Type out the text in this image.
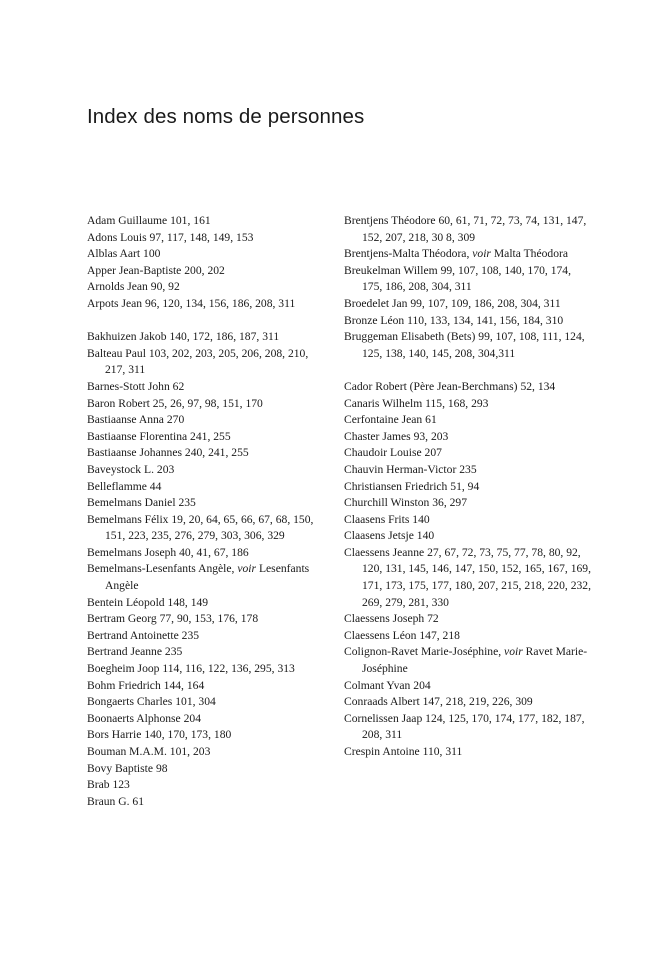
Index des noms de personnes

Adam Guillaume 101, 161

Adons Louis 97, 117, 148, 149, 153

Alblas Aart 100

Apper Jean-Baptiste 200, 202

Arnolds Jean 90, 92

Arpots Jean 96, 120, 134, 156, 186, 208, 311

Bakhuizen Jakob 140, 172, 186, 187, 311

Balteau Paul 103, 202, 203, 205, 206, 208, 210, 217, 311

Barnes-Stott John 62

Baron Robert 25, 26, 97, 98, 151, 170

Bastiaanse Anna 270

Bastiaanse Florentina 241, 255

Bastiaanse Johannes 240, 241, 255

Baveystock L. 203

Belleflamme 44

Bemelmans Daniel 235

Bemelmans Félix 19, 20, 64, 65, 66, 67, 68, 150, 151, 223, 235, 276, 279, 303, 306, 329

Bemelmans Joseph 40, 41, 67, 186

Bemelmans-Lesenfants Angèle, voir Lesenfants Angèle

Bentein Léopold 148, 149

Bertram Georg 77, 90, 153, 176, 178

Bertrand Antoinette 235

Bertrand Jeanne 235

Boegheim Joop 114, 116, 122, 136, 295, 313

Bohm Friedrich 144, 164

Bongaerts Charles 101, 304

Boonaerts Alphonse 204

Bors Harrie 140, 170, 173, 180

Bouman M.A.M. 101, 203

Bovy Baptiste 98

Brab 123

Braun G. 61

Brentjens Théodore 60, 61, 71, 72, 73, 74, 131, 147, 152, 207, 218, 30 8, 309

Brentjens-Malta Théodora, voir Malta Théodora

Breukelman Willem 99, 107, 108, 140, 170, 174, 175, 186, 208, 304, 311

Broedelet Jan 99, 107, 109, 186, 208, 304, 311

Bronze Léon 110, 133, 134, 141, 156, 184, 310

Bruggeman Elisabeth (Bets) 99, 107, 108, 111, 124, 125, 138, 140, 145, 208, 304,311

Cador Robert (Père Jean-Berchmans) 52, 134

Canaris Wilhelm 115, 168, 293

Cerfontaine Jean 61

Chaster James 93, 203

Chaudoir Louise 207

Chauvin Herman-Victor 235

Christiansen Friedrich 51, 94

Churchill Winston 36, 297

Claasens Frits 140

Claasens Jetsje 140

Claessens Jeanne 27, 67, 72, 73, 75, 77, 78, 80, 92, 120, 131, 145, 146, 147, 150, 152, 165, 167, 169, 171, 173, 175, 177, 180, 207, 215, 218, 220, 232, 269, 279, 281, 330

Claessens Joseph 72

Claessens Léon 147, 218

Colignon-Ravet Marie-Joséphine, voir Ravet Marie-Joséphine

Colmant Yvan 204

Conraads Albert 147, 218, 219, 226, 309

Cornelissen Jaap 124, 125, 170, 174, 177, 182, 187, 208, 311

Crespin Antoine 110, 311
